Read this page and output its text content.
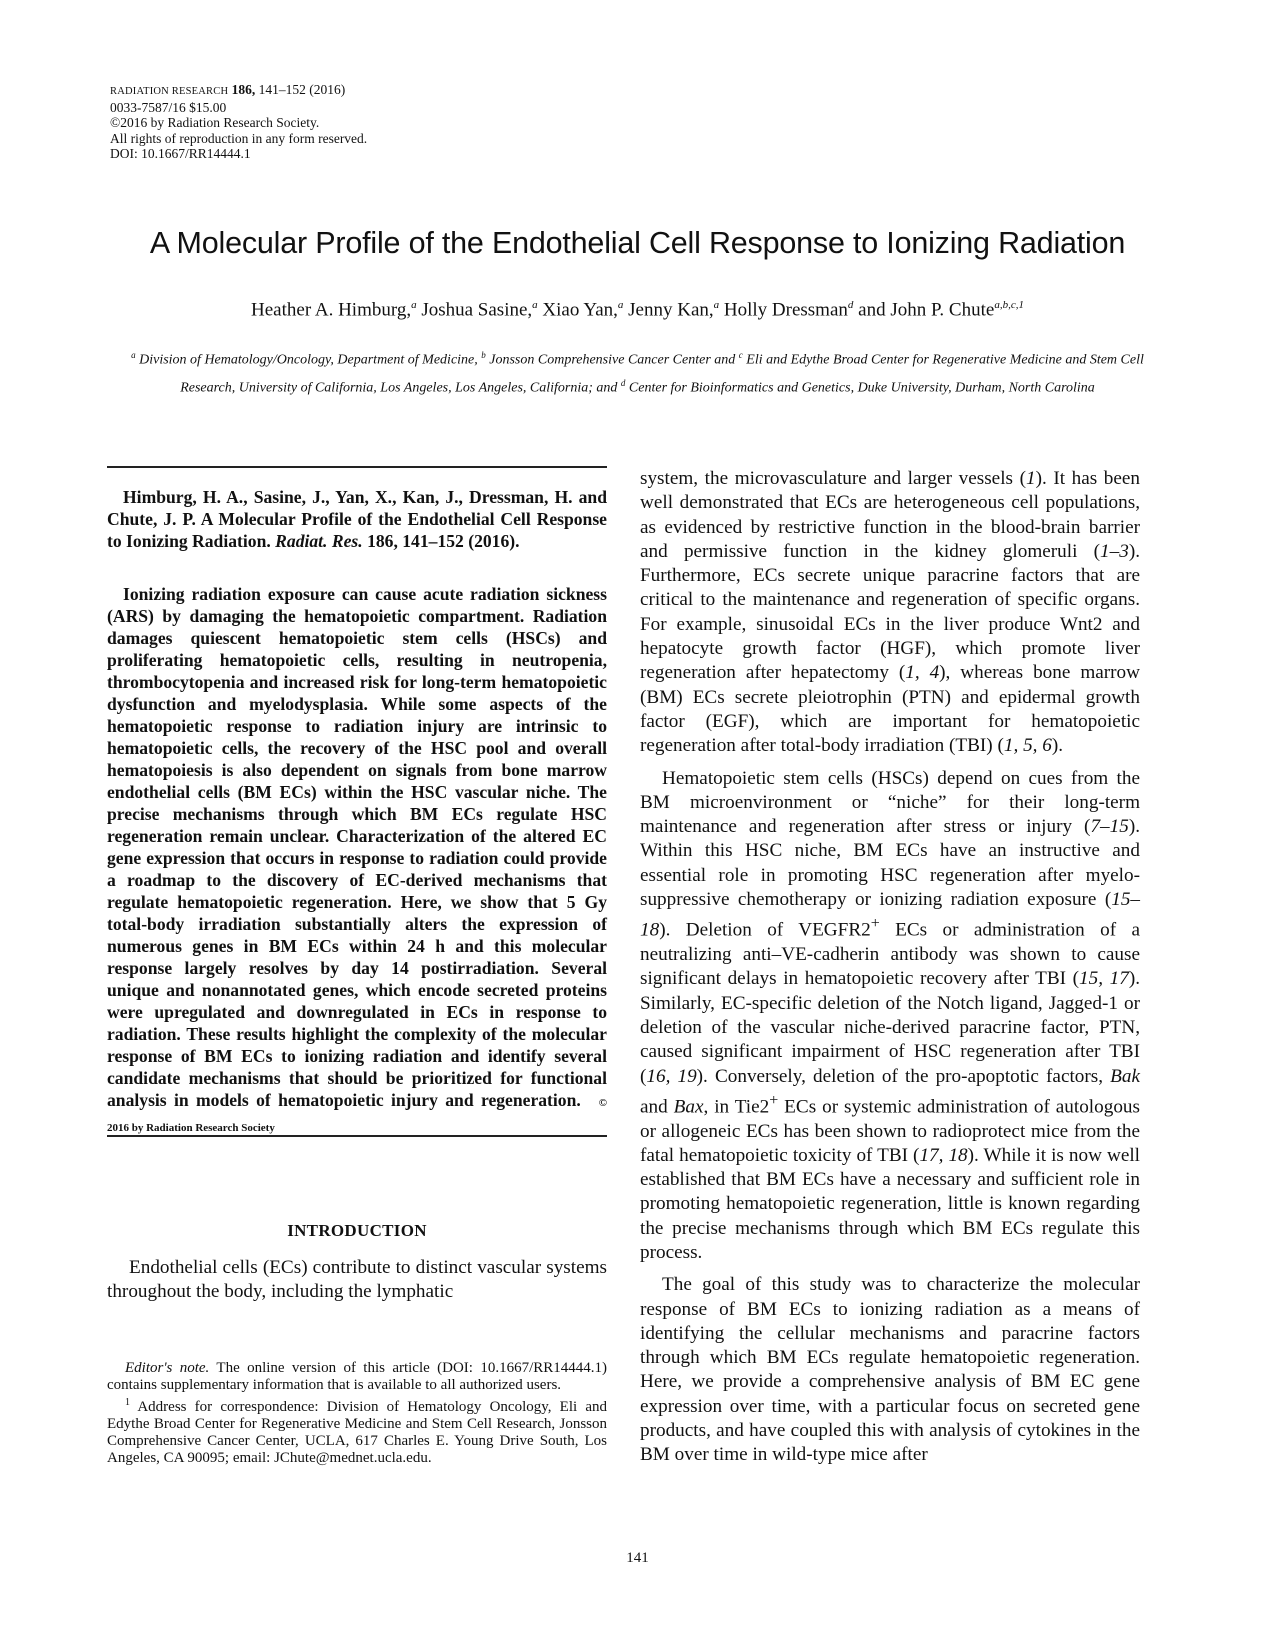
RADIATION RESEARCH 186, 141–152 (2016)
0033-7587/16 $15.00
©2016 by Radiation Research Society.
All rights of reproduction in any form reserved.
DOI: 10.1667/RR14444.1
A Molecular Profile of the Endothelial Cell Response to Ionizing Radiation
Heather A. Himburg,$^a$ Joshua Sasine,$^a$ Xiao Yan,$^a$ Jenny Kan,$^a$ Holly Dressman$^d$ and John P. Chute$^{a,b,c,1}$
$^a$ Division of Hematology/Oncology, Department of Medicine, $^b$ Jonsson Comprehensive Cancer Center and $^c$ Eli and Edythe Broad Center for Regenerative Medicine and Stem Cell Research, University of California, Los Angeles, Los Angeles, California; and $^d$ Center for Bioinformatics and Genetics, Duke University, Durham, North Carolina
Himburg, H. A., Sasine, J., Yan, X., Kan, J., Dressman, H. and Chute, J. P. A Molecular Profile of the Endothelial Cell Response to Ionizing Radiation. Radiat. Res. 186, 141–152 (2016).
Ionizing radiation exposure can cause acute radiation sickness (ARS) by damaging the hematopoietic compartment. Radiation damages quiescent hematopoietic stem cells (HSCs) and proliferating hematopoietic cells, resulting in neutropenia, thrombocytopenia and increased risk for long-term hematopoietic dysfunction and myelodysplasia. While some aspects of the hematopoietic response to radiation injury are intrinsic to hematopoietic cells, the recovery of the HSC pool and overall hematopoiesis is also dependent on signals from bone marrow endothelial cells (BM ECs) within the HSC vascular niche. The precise mechanisms through which BM ECs regulate HSC regeneration remain unclear. Characterization of the altered EC gene expression that occurs in response to radiation could provide a roadmap to the discovery of EC-derived mechanisms that regulate hematopoietic regeneration. Here, we show that 5 Gy total-body irradiation substantially alters the expression of numerous genes in BM ECs within 24 h and this molecular response largely resolves by day 14 postirradiation. Several unique and nonannotated genes, which encode secreted proteins were upregulated and downregulated in ECs in response to radiation. These results highlight the complexity of the molecular response of BM ECs to ionizing radiation and identify several candidate mechanisms that should be prioritized for functional analysis in models of hematopoietic injury and regeneration. © 2016 by Radiation Research Society
INTRODUCTION
Endothelial cells (ECs) contribute to distinct vascular systems throughout the body, including the lymphatic

Editor's note. The online version of this article (DOI: 10.1667/RR14444.1) contains supplementary information that is available to all authorized users.

$^1$ Address for correspondence: Division of Hematology Oncology, Eli and Edythe Broad Center for Regenerative Medicine and Stem Cell Research, Jonsson Comprehensive Cancer Center, UCLA, 617 Charles E. Young Drive South, Los Angeles, CA 90095; email: JChute@mednet.ucla.edu.

system, the microvasculature and larger vessels (1). It has been well demonstrated that ECs are heterogeneous cell populations, as evidenced by restrictive function in the blood-brain barrier and permissive function in the kidney glomeruli (1–3). Furthermore, ECs secrete unique paracrine factors that are critical to the maintenance and regeneration of specific organs. For example, sinusoidal ECs in the liver produce Wnt2 and hepatocyte growth factor (HGF), which promote liver regeneration after hepatectomy (1, 4), whereas bone marrow (BM) ECs secrete pleiotrophin (PTN) and epidermal growth factor (EGF), which are important for hematopoietic regeneration after total-body irradiation (TBI) (1, 5, 6).

Hematopoietic stem cells (HSCs) depend on cues from the BM microenvironment or “niche” for their long-term maintenance and regeneration after stress or injury (7–15). Within this HSC niche, BM ECs have an instructive and essential role in promoting HSC regeneration after myelo-suppressive chemotherapy or ionizing radiation exposure (15–18). Deletion of VEGFR2+ ECs or administration of a neutralizing anti–VE-cadherin antibody was shown to cause significant delays in hematopoietic recovery after TBI (15, 17). Similarly, EC-specific deletion of the Notch ligand, Jagged-1 or deletion of the vascular niche-derived paracrine factor, PTN, caused significant impairment of HSC regeneration after TBI (16, 19). Conversely, deletion of the pro-apoptotic factors, Bak and Bax, in Tie2+ ECs or systemic administration of autologous or allogeneic ECs has been shown to radioprotect mice from the fatal hematopoietic toxicity of TBI (17, 18). While it is now well established that BM ECs have a necessary and sufficient role in promoting hematopoietic regeneration, little is known regarding the precise mechanisms through which BM ECs regulate this process.

The goal of this study was to characterize the molecular response of BM ECs to ionizing radiation as a means of identifying the cellular mechanisms and paracrine factors through which BM ECs regulate hematopoietic regeneration. Here, we provide a comprehensive analysis of BM EC gene expression over time, with a particular focus on secreted gene products, and have coupled this with analysis of cytokines in the BM over time in wild-type mice after

141
